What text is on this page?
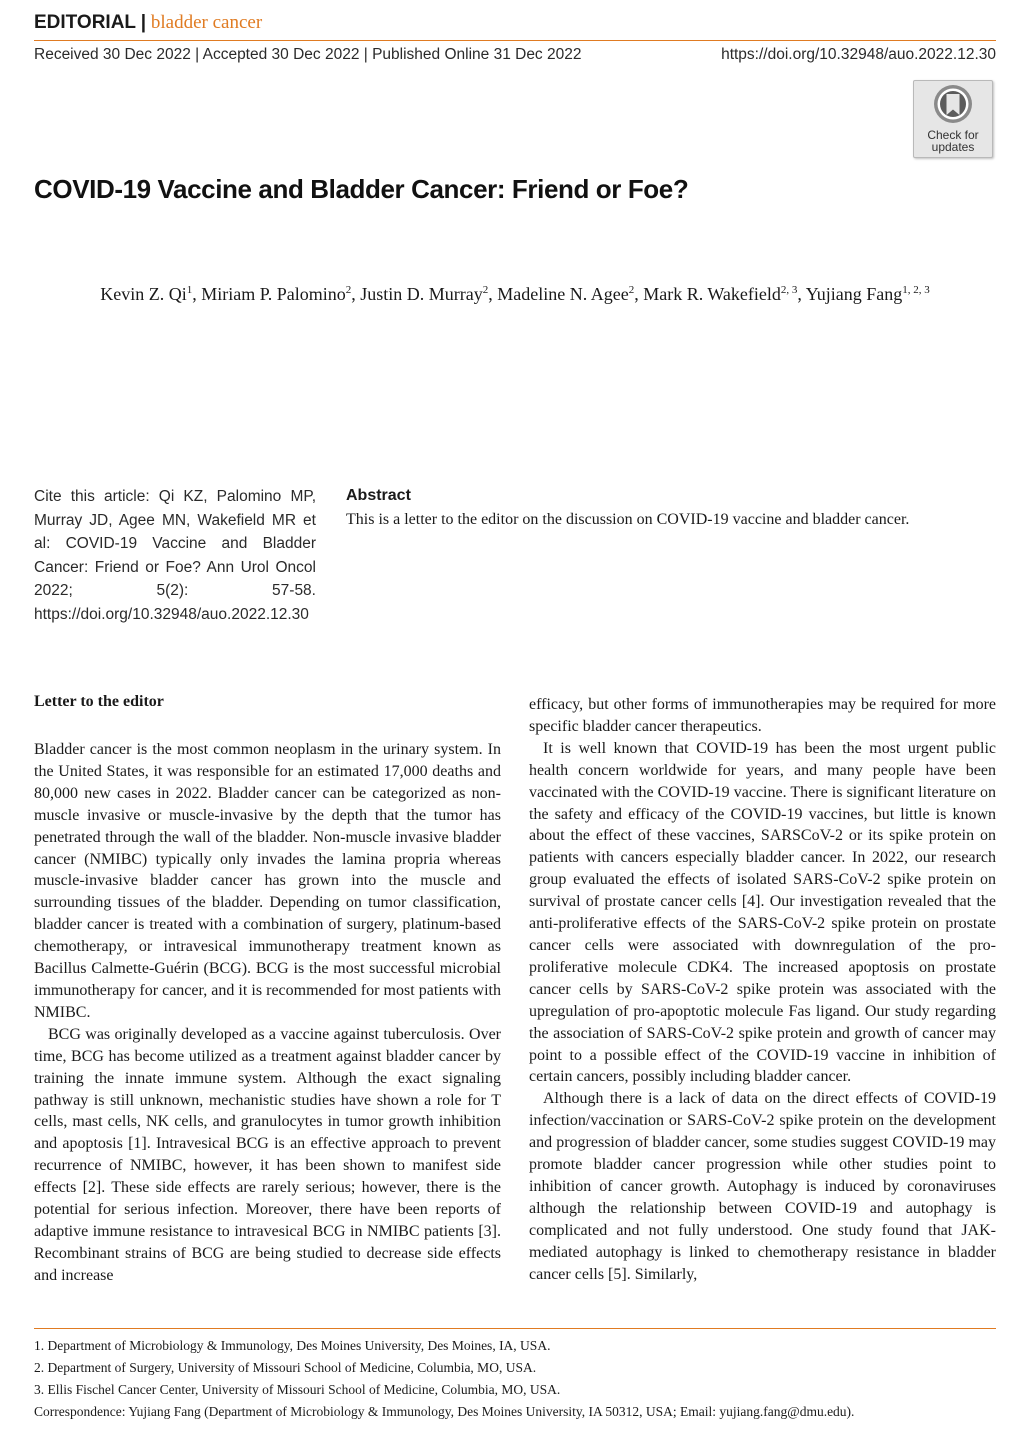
EDITORIAL | bladder cancer
Received 30 Dec 2022 | Accepted 30 Dec 2022 | Published Online 31 Dec 2022	https://doi.org/10.32948/auo.2022.12.30
Check for
updates
COVID-19 Vaccine and Bladder Cancer: Friend or Foe?
Kevin Z. Qi$^1$, Miriam P. Palomino$^2$, Justin D. Murray$^2$, Madeline N. Agee$^2$, Mark R. Wakefield$^{2, 3}$, Yujiang Fang$^{1, 2, 3}$
Cite this article: Qi KZ, Palomino MP, Murray JD, Agee MN, Wakefield MR et al: COVID-19 Vaccine and Bladder Cancer: Friend or Foe? Ann Urol Oncol 2022; 5(2): 57-58. https://doi.org/10.32948/auo.2022.12.30
Abstract
This is a letter to the editor on the discussion on COVID-19 vaccine and bladder cancer.
Letter to the editor

Bladder cancer is the most common neoplasm in the urinary system. In the United States, it was responsible for an estimated 17,000 deaths and 80,000 new cases in 2022. Bladder cancer can be categorized as non-muscle invasive or muscle-invasive by the depth that the tumor has penetrated through the wall of the bladder. Non-muscle invasive bladder cancer (NMIBC) typically only invades the lamina propria whereas muscle-invasive bladder cancer has grown into the muscle and surrounding tissues of the bladder. Depending on tumor classification, bladder cancer is treated with a combination of surgery, platinum-based chemotherapy, or intravesical immunotherapy treatment known as Bacillus Calmette-Guérin (BCG). BCG is the most successful microbial immunotherapy for cancer, and it is recommended for most patients with NMIBC.

BCG was originally developed as a vaccine against tuberculosis. Over time, BCG has become utilized as a treatment against bladder cancer by training the innate immune system. Although the exact signaling pathway is still unknown, mechanistic studies have shown a role for T cells, mast cells, NK cells, and granulocytes in tumor growth inhibition and apoptosis [1]. Intravesical BCG is an effective approach to prevent recurrence of NMIBC, however, it has been shown to manifest side effects [2]. These side effects are rarely serious; however, there is the potential for serious infection. Moreover, there have been reports of adaptive immune resistance to intravesical BCG in NMIBC patients [3]. Recombinant strains of BCG are being studied to decrease side effects and increase

efficacy, but other forms of immunotherapies may be required for more specific bladder cancer therapeutics.

It is well known that COVID-19 has been the most urgent public health concern worldwide for years, and many people have been vaccinated with the COVID-19 vaccine. There is significant literature on the safety and efficacy of the COVID-19 vaccines, but little is known about the effect of these vaccines, SARSCoV-2 or its spike protein on patients with cancers especially bladder cancer. In 2022, our research group evaluated the effects of isolated SARS-CoV-2 spike protein on survival of prostate cancer cells [4]. Our investigation revealed that the anti-proliferative effects of the SARS-CoV-2 spike protein on prostate cancer cells were associated with downregulation of the pro-proliferative molecule CDK4. The increased apoptosis on prostate cancer cells by SARS-CoV-2 spike protein was associated with the upregulation of pro-apoptotic molecule Fas ligand. Our study regarding the association of SARS-CoV-2 spike protein and growth of cancer may point to a possible effect of the COVID-19 vaccine in inhibition of certain cancers, possibly including bladder cancer.

Although there is a lack of data on the direct effects of COVID-19 infection/vaccination or SARS-CoV-2 spike protein on the development and progression of bladder cancer, some studies suggest COVID-19 may promote bladder cancer progression while other studies point to inhibition of cancer growth. Autophagy is induced by coronaviruses although the relationship between COVID-19 and autophagy is complicated and not fully understood. One study found that JAK-mediated autophagy is linked to chemotherapy resistance in bladder cancer cells [5]. Similarly,

1. Department of Microbiology & Immunology, Des Moines University, Des Moines, IA, USA.
2. Department of Surgery, University of Missouri School of Medicine, Columbia, MO, USA.
3. Ellis Fischel Cancer Center, University of Missouri School of Medicine, Columbia, MO, USA.
Correspondence: Yujiang Fang (Department of Microbiology & Immunology, Des Moines University, IA 50312, USA; Email: yujiang.fang@dmu.edu).
